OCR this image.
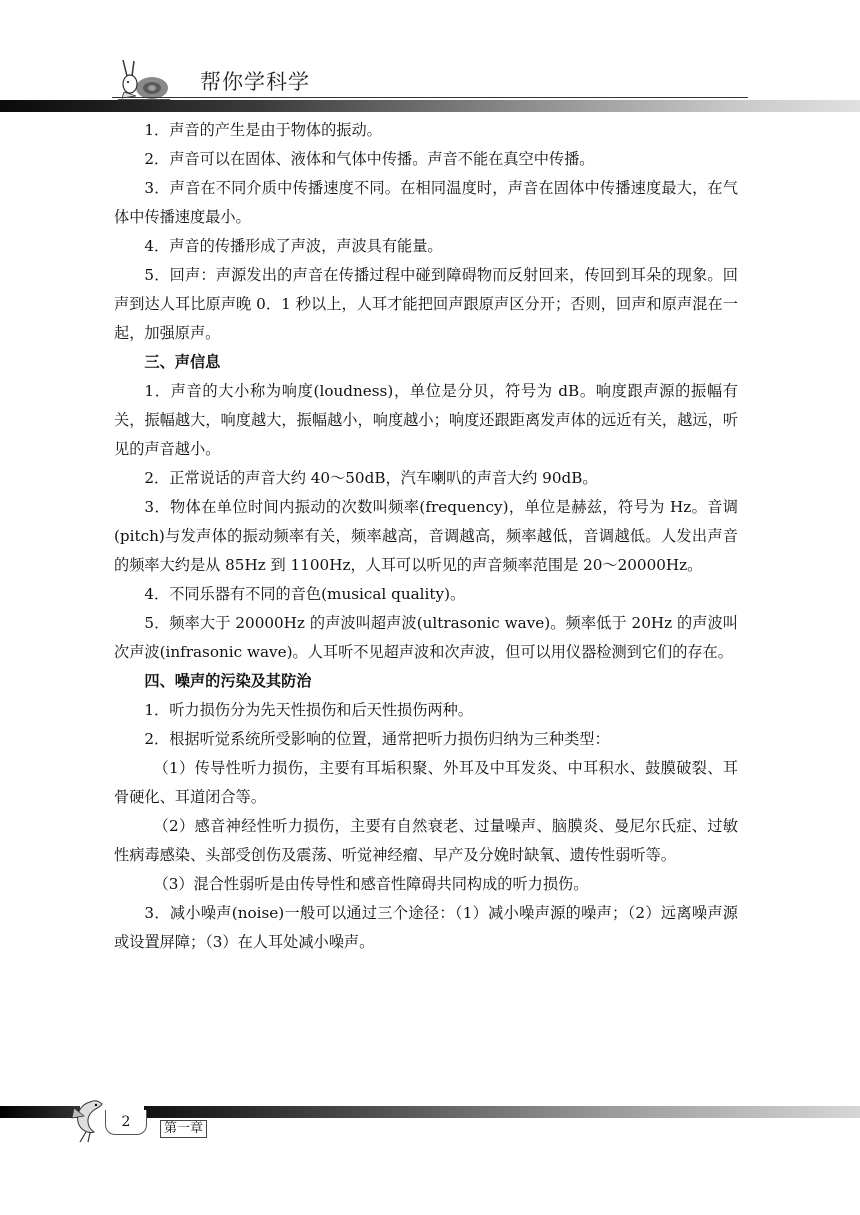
帮你学科学

1．声音的产生是由于物体的振动。

2．声音可以在固体、液体和气体中传播。声音不能在真空中传播。

3．声音在不同介质中传播速度不同。在相同温度时，声音在固体中传播速度最大，在气体中传播速度最小。

4．声音的传播形成了声波，声波具有能量。

5．回声：声源发出的声音在传播过程中碰到障碍物而反射回来，传回到耳朵的现象。回声到达人耳比原声晚 0．1 秒以上，人耳才能把回声跟原声区分开；否则，回声和原声混在一起，加强原声。

三、声信息

1．声音的大小称为响度(loudness)，单位是分贝，符号为 dB。响度跟声源的振幅有关，振幅越大，响度越大，振幅越小，响度越小；响度还跟距离发声体的远近有关，越远，听见的声音越小。

2．正常说话的声音大约 40～50dB，汽车喇叭的声音大约 90dB。

3．物体在单位时间内振动的次数叫频率(frequency)，单位是赫兹，符号为 Hz。音调(pitch)与发声体的振动频率有关，频率越高，音调越高，频率越低，音调越低。人发出声音的频率大约是从 85Hz 到 1100Hz，人耳可以听见的声音频率范围是 20～20000Hz。

4．不同乐器有不同的音色(musical quality)。

5．频率大于 20000Hz 的声波叫超声波(ultrasonic wave)。频率低于 20Hz 的声波叫次声波(infrasonic wave)。人耳听不见超声波和次声波，但可以用仪器检测到它们的存在。

四、噪声的污染及其防治

1．听力损伤分为先天性损伤和后天性损伤两种。

2．根据听觉系统所受影响的位置，通常把听力损伤归纳为三种类型：

（1）传导性听力损伤，主要有耳垢积聚、外耳及中耳发炎、中耳积水、鼓膜破裂、耳骨硬化、耳道闭合等。

（2）感音神经性听力损伤，主要有自然衰老、过量噪声、脑膜炎、曼尼尔氏症、过敏性病毒感染、头部受创伤及震荡、听觉神经瘤、早产及分娩时缺氧、遗传性弱听等。

（3）混合性弱听是由传导性和感音性障碍共同构成的听力损伤。

3．减小噪声(noise)一般可以通过三个途径：（1）减小噪声源的噪声；（2）远离噪声源或设置屏障；（3）在人耳处减小噪声。

2	第一章
